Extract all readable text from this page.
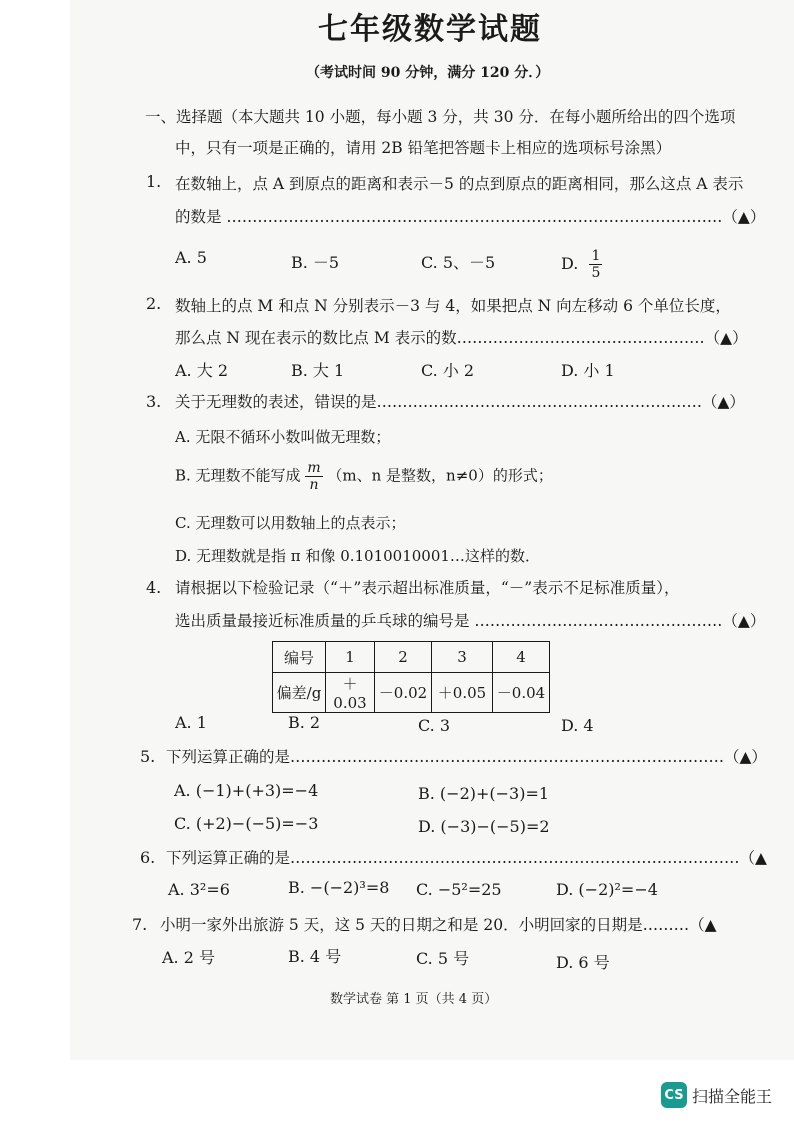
七年级数学试题
（考试时间 90 分钟，满分 120 分．）
一、选择题（本大题共 10 小题，每小题 3 分，共 30 分．在每小题所给出的四个选项
中，只有一项是正确的，请用 2B 铅笔把答题卡上相应的选项标号涂黑）
1. 在数轴上，点 A 到原点的距离和表示－5 的点到原点的距离相同，那么这点 A 表示
的数是 ……………………………………………………………………………………（▲）
A. 5	B. －5	C. 5、－5	D. $\frac{1}{5}$
2. 数轴上的点 M 和点 N 分别表示－3 与 4，如果把点 N 向左移动 6 个单位长度，
那么点 N 现在表示的数比点 M 表示的数…………………………………………（▲）
A. 大 2	B. 大 1	C. 小 2	D. 小 1
3. 关于无理数的表述，错误的是………………………………………………………（▲）
A. 无限不循环小数叫做无理数；
B. 无理数不能写成 $\frac{m}{n} (m$、n 是整数，n≠0）的形式；
C. 无理数可以用数轴上的点表示；
D. 无理数就是指 π 和像 0.1010010001…这样的数．
4. 请根据以下检验记录（“＋”表示超出标准质量，“－”表示不足标准质量），
选出质量最接近标准质量的乒乓球的编号是 …………………………………………（▲）
编号	1	2	3	4
偏差/g	＋0.03	－0.02	＋0.05	－0.04
A. 1	B. 2	C. 3	D. 4
5. 下列运算正确的是…………………………………………………………………………（▲）
A. (−1)+(+3)=−4	B. (−2)+(−3)=1
C. (+2)−(−5)=−3	D. (−3)−(−5)=2
6. 下列运算正确的是……………………………………………………………………………（▲
A. 3²=6	B. −(−2)³=8 C. −5²=25	D. (−2)²=−4
7. 小明一家外出旅游 5 天，这 5 天的日期之和是 20．小明回家的日期是………（▲
A. 2 号	B. 4 号	C. 5 号	D. 6 号
数学试卷 第 1 页（共 4 页）
CS 扫描全能王
